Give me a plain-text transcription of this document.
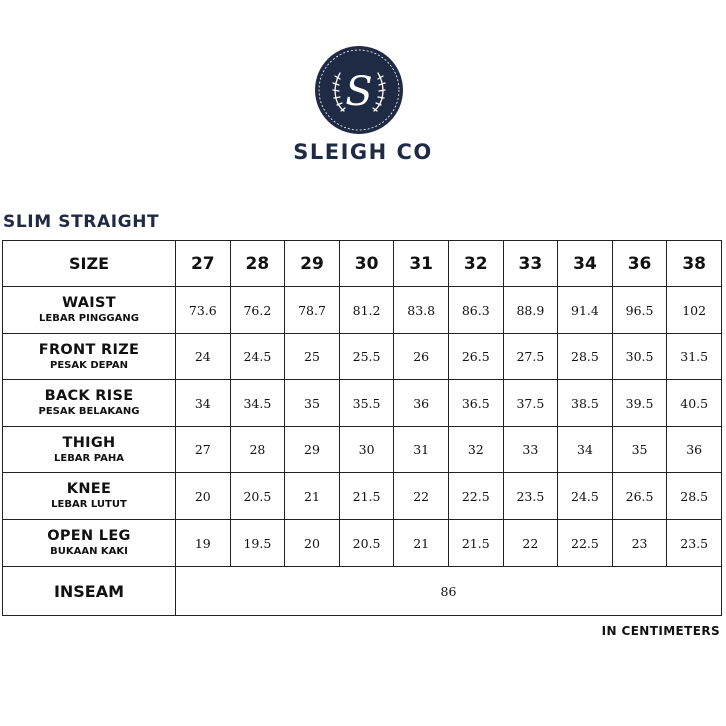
S
SLEIGH CO
SLIM STRAIGHT
SIZE	27	28	29	30	31	32	33	34	36	38

WAIST
LEBAR PINGGANG	73.6	76.2	78.7	81.2	83.8	86.3	88.9	91.4	96.5	102

FRONT RIZE
PESAK DEPAN	24	24.5	25	25.5	26	26.5	27.5	28.5	30.5	31.5

BACK RISE
PESAK BELAKANG	34	34.5	35	35.5	36	36.5	37.5	38.5	39.5	40.5

THIGH
LEBAR PAHA	27	28	29	30	31	32	33	34	35	36

KNEE
LEBAR LUTUT	20	20.5	21	21.5	22	22.5	23.5	24.5	26.5	28.5

OPEN LEG
BUKAAN KAKI	19	19.5	20	20.5	21	21.5	22	22.5	23	23.5
INSEAM	86									
IN CENTIMETERS
